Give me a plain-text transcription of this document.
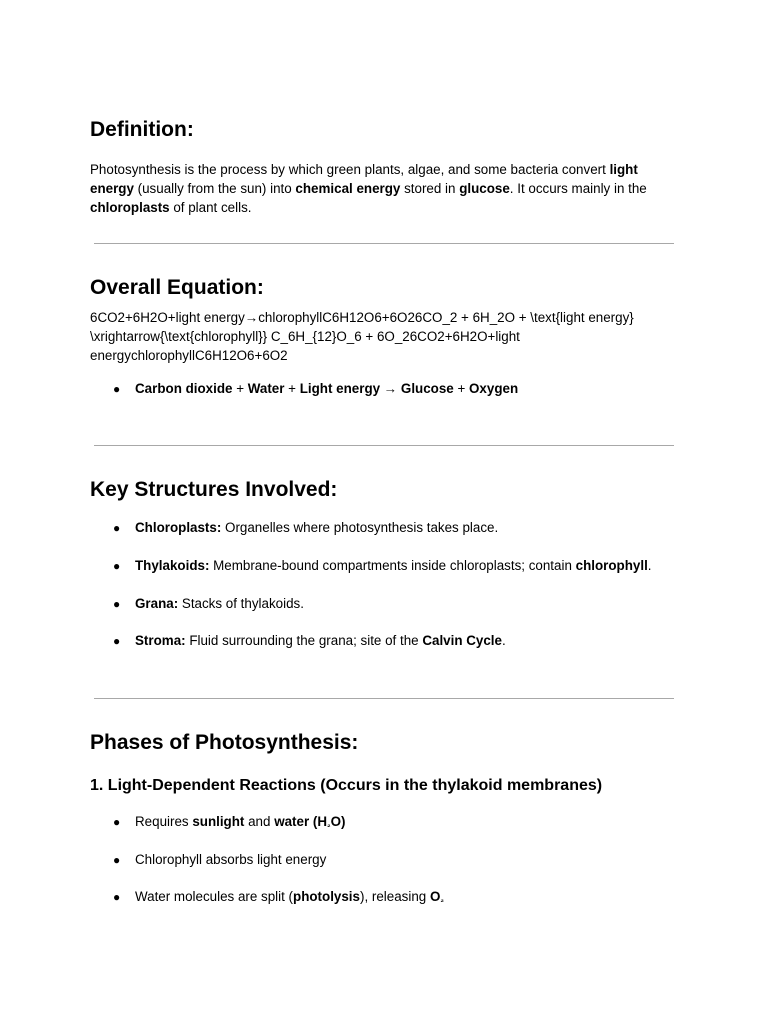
Definition:

Photosynthesis is the process by which green plants, algae, and some bacteria convert light energy (usually from the sun) into chemical energy stored in glucose. It occurs mainly in the chloroplasts of plant cells.

Overall Equation:

6CO2+6H2O+light energy→chlorophyllC6H12O6+6O26CO_2 + 6H_2O + \text{light energy}
\xrightarrow{\text{chlorophyll}} C_6H_{12}O_6 + 6O_26CO2+6H2O+light
energychlorophyllC6H12O6+6O2

● Carbon dioxide + Water + Light energy → Glucose + Oxygen
Key Structures Involved:
● Chloroplasts: Organelles where photosynthesis takes place.
● Thylakoids: Membrane-bound compartments inside chloroplasts; contain chlorophyll.
● Grana: Stacks of thylakoids.
● Stroma: Fluid surrounding the grana; site of the Calvin Cycle.
Phases of Photosynthesis:
1. Light-Dependent Reactions (Occurs in the thylakoid membranes)
● Requires sunlight and water (H₂O)
● Chlorophyll absorbs light energy
● Water molecules are split (photolysis), releasing O₂
